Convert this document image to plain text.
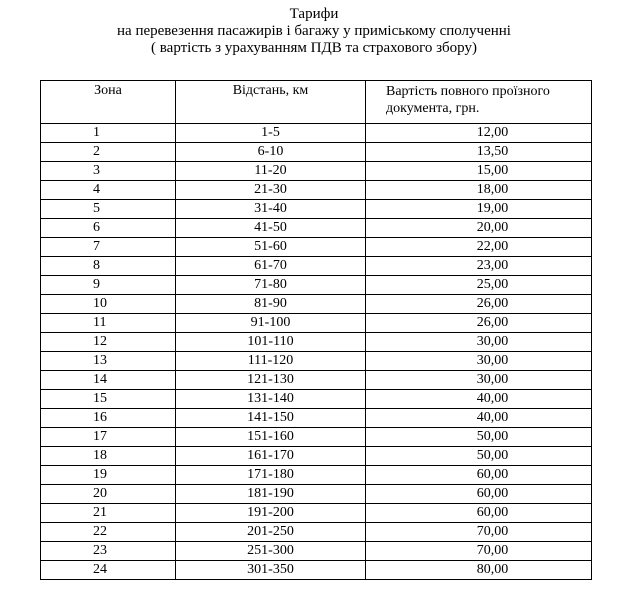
Тарифи
на перевезення пасажирів і багажу у приміському сполученні
( вартість з урахуванням ПДВ та страхового збору)
Зона	Відстань, км	Вартість повного проїзного документа, грн.
1	1-5	12,00
2	6-10	13,50
3	11-20	15,00
4	21-30	18,00
5	31-40	19,00
6	41-50	20,00
7	51-60	22,00
8	61-70	23,00
9	71-80	25,00
10	81-90	26,00
11	91-100	26,00
12	101-110	30,00
13	111-120	30,00
14	121-130	30,00
15	131-140	40,00
16	141-150	40,00
17	151-160	50,00
18	161-170	50,00
19	171-180	60,00
20	181-190	60,00
21	191-200	60,00
22	201-250	70,00
23	251-300	70,00
24	301-350	80,00
